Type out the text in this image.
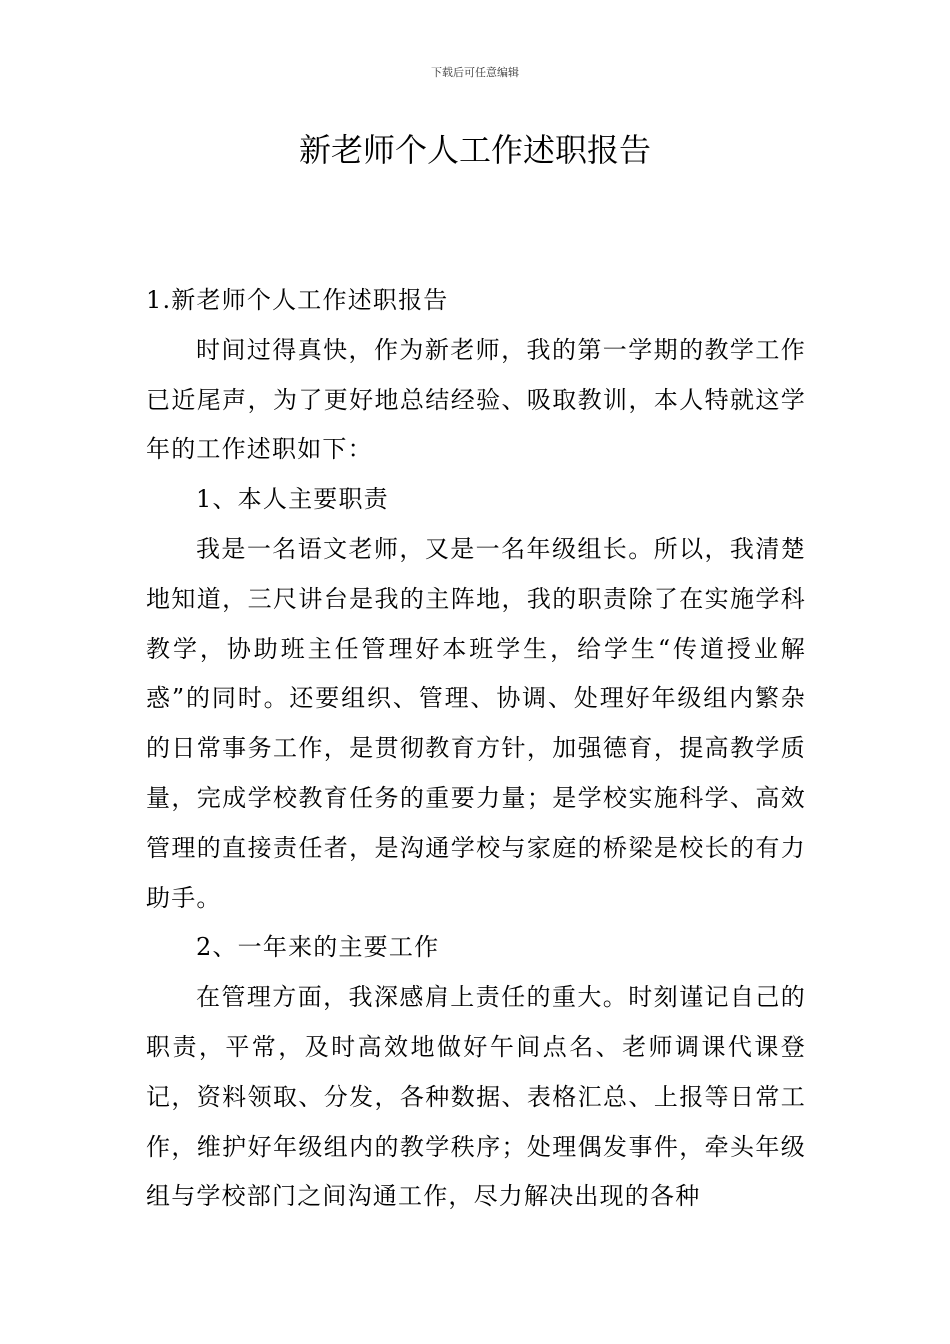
下载后可任意编辑
新老师个人工作述职报告

1.新老师个人工作述职报告

时间过得真快，作为新老师，我的第一学期的教学工作已近尾声，为了更好地总结经验、吸取教训，本人特就这学年的工作述职如下：

1、本人主要职责

我是一名语文老师，又是一名年级组长。所以，我清楚地知道，三尺讲台是我的主阵地，我的职责除了在实施学科教学，协助班主任管理好本班学生，给学生“传道授业解惑”的同时。还要组织、管理、协调、处理好年级组内繁杂的日常事务工作，是贯彻教育方针，加强德育，提高教学质量，完成学校教育任务的重要力量；是学校实施科学、高效管理的直接责任者，是沟通学校与家庭的桥梁是校长的有力助手。

2、一年来的主要工作

在管理方面，我深感肩上责任的重大。时刻谨记自己的职责，平常，及时高效地做好午间点名、老师调课代课登记，资料领取、分发，各种数据、表格汇总、上报等日常工作，维护好年级组内的教学秩序；处理偶发事件，牵头年级组与学校部门之间沟通工作，尽力解决出现的各种
